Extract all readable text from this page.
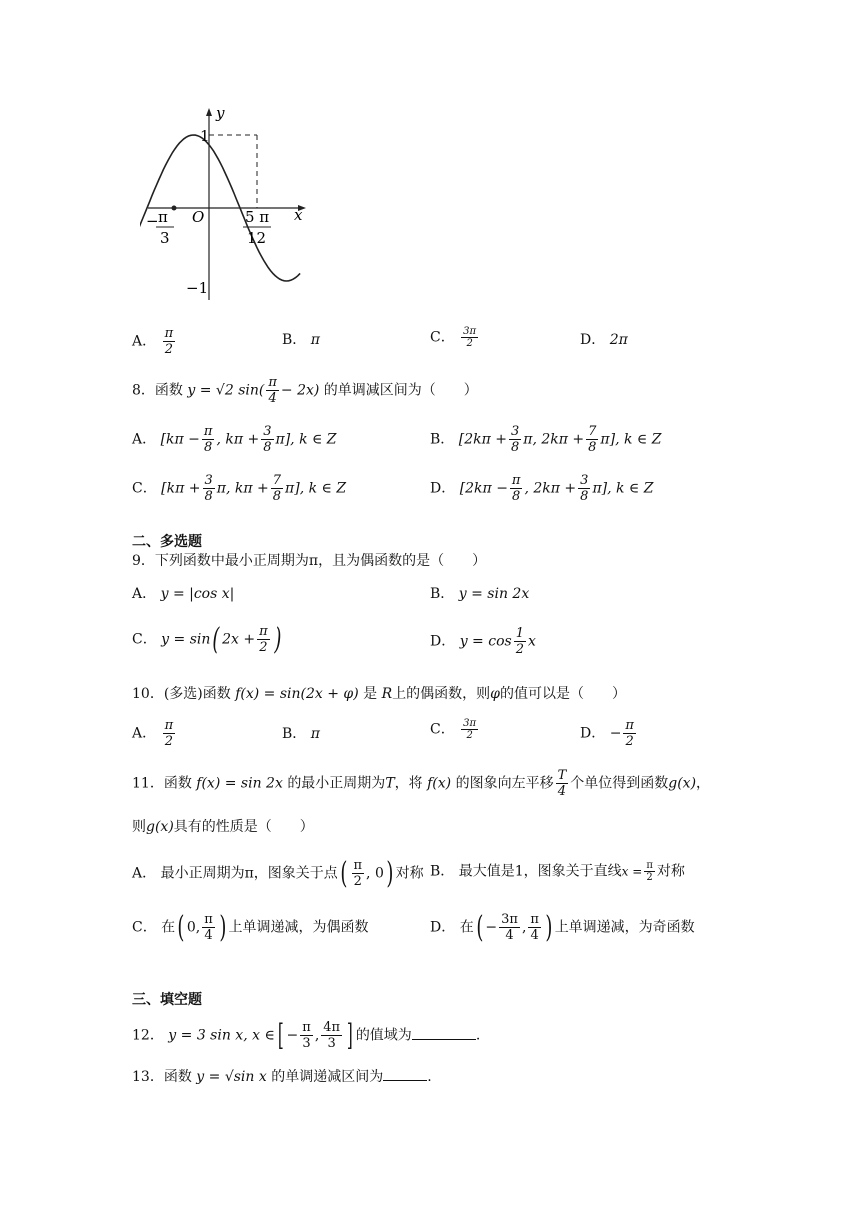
y
x
O
1
−1
− π
3
5 π
12
A． $\frac{\pi}{2}$	B． π	C． $\frac{3\pi}{2}$	D． 2π
8．函数 y = √2 $\sin( \frac{\pi}{4} - 2x)$ 的单调减区间为（　　）
A． [$k\pi - \frac{\pi}{8}$ , $k\pi + \frac{3}{8} \pi$], k ∈ Z	B． [$2k\pi + \frac{3}{8} \pi$, $2k\pi + \frac{7}{8} \pi$], k ∈ Z
C． [$k\pi + \frac{3}{8} \pi$, $k\pi + \frac{7}{8} \pi$], k ∈ Z	D． [$2k\pi - \frac{\pi}{8}$ , $2k\pi + \frac{3}{8} \pi$], k ∈ Z
二、多选题
9．下列函数中最小正周期为π，且为偶函数的是（　　）
A． y = |cos x|	B． y = sin 2x
C． y = sin( $2x + \frac{\pi}{2}$ )	D． $y = \cos \frac{1}{2}$ x
10．(多选)函数 f(x) = sin(2x + φ) 是 R上的偶函数，则φ的值可以是（　　）
A． $\frac{\pi}{2}$	B． π	C． $\frac{3\pi}{2}$	D． − $\frac{\pi}{2}$
11．函数 f(x) = sin 2x 的最小正周期为T，将 f(x) 的图象向左平移 $\frac{T}{4}$ 个单位得到函数g(x)，
则g(x)具有的性质是（　　）
A． 最小正周期为π，图象关于点( $\frac{\pi}{2}$ , 0) 对称 B． 最大值是1，图象关于直线$x = \frac{\pi}{2}$ 对称
C． 在( 0, $\frac{\pi}{4}$ ) 上单调递减，为偶函数	D． 在( − $\frac{3\pi}{4}$ , $\frac{\pi}{4}$ ) 上单调递减，为奇函数
三、填空题
12． y = 3 sin x, x ∈[ − $\frac{\pi}{3}$ , $\frac{4\pi}{3}$ ] 的值域为	.
13．函数 y = √sin x 的单调递减区间为	.
